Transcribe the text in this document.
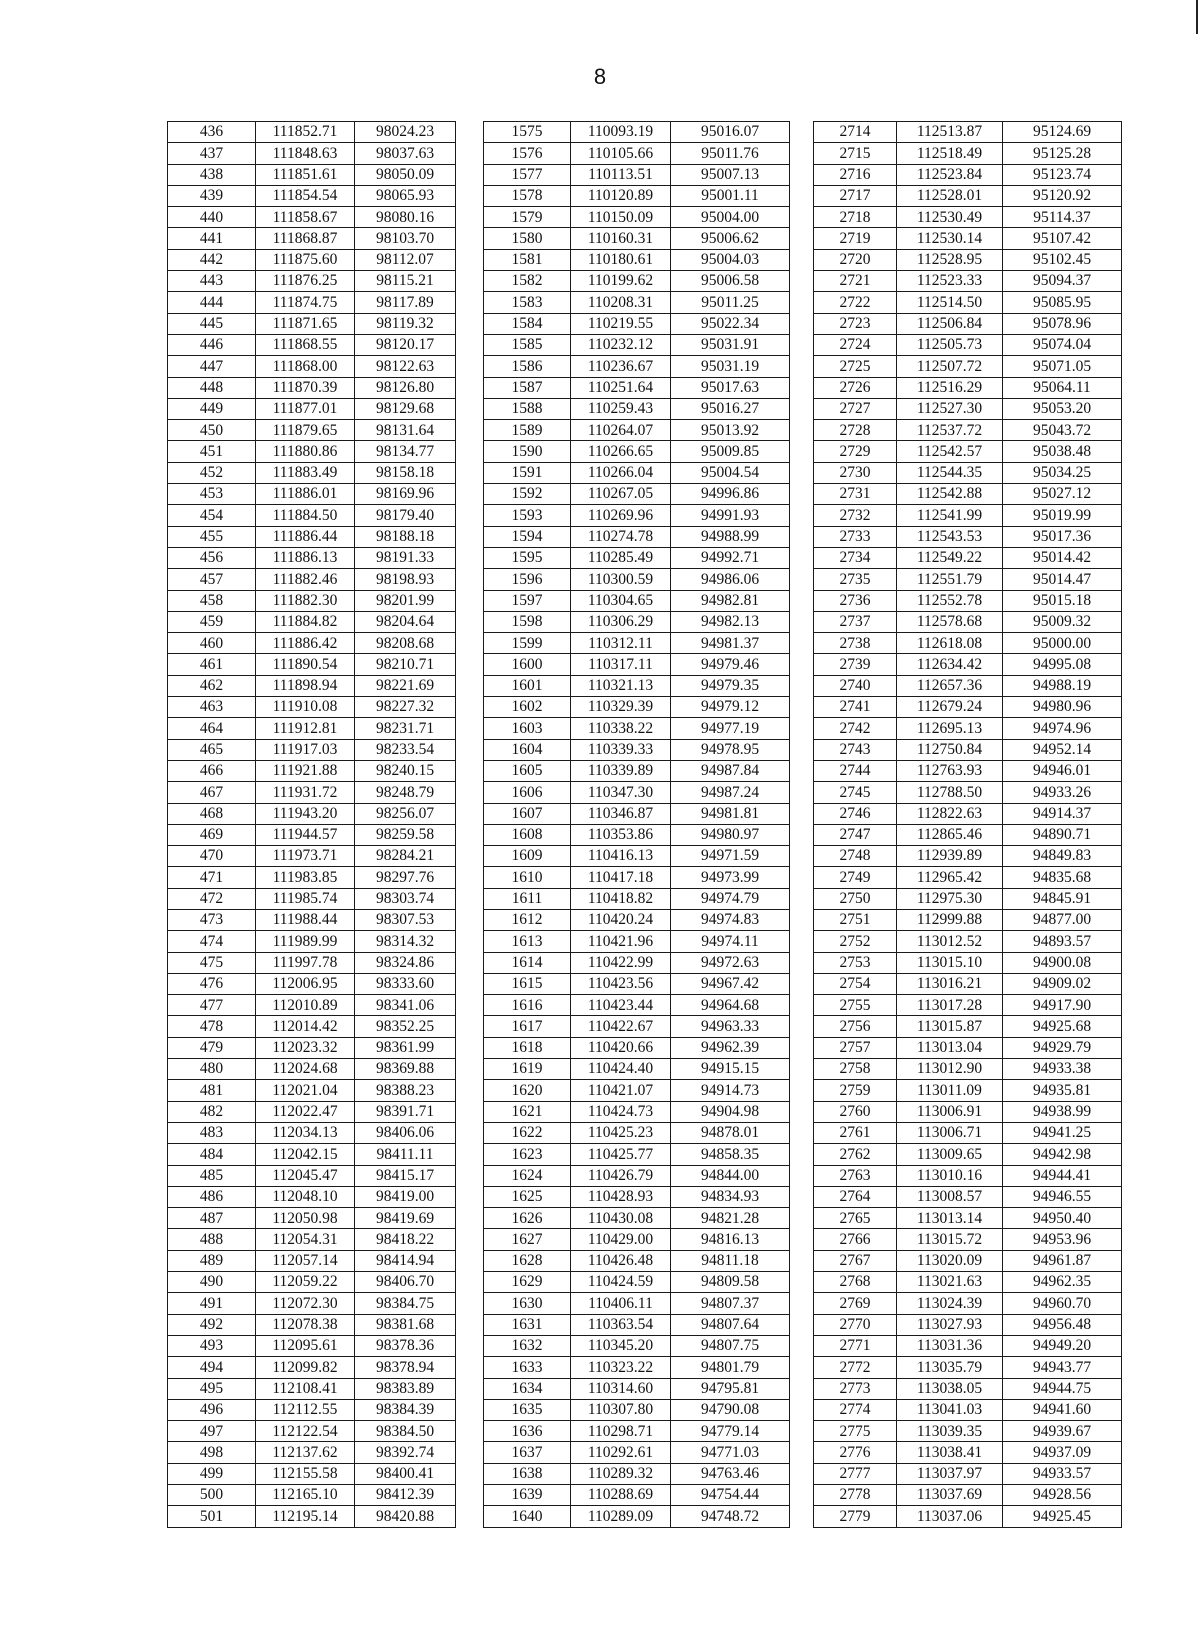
8
436	111852.71	98024.23
437	111848.63	98037.63
438	111851.61	98050.09
439	111854.54	98065.93
440	111858.67	98080.16
441	111868.87	98103.70
442	111875.60	98112.07
443	111876.25	98115.21
444	111874.75	98117.89
445	111871.65	98119.32
446	111868.55	98120.17
447	111868.00	98122.63
448	111870.39	98126.80
449	111877.01	98129.68
450	111879.65	98131.64
451	111880.86	98134.77
452	111883.49	98158.18
453	111886.01	98169.96
454	111884.50	98179.40
455	111886.44	98188.18
456	111886.13	98191.33
457	111882.46	98198.93
458	111882.30	98201.99
459	111884.82	98204.64
460	111886.42	98208.68
461	111890.54	98210.71
462	111898.94	98221.69
463	111910.08	98227.32
464	111912.81	98231.71
465	111917.03	98233.54
466	111921.88	98240.15
467	111931.72	98248.79
468	111943.20	98256.07
469	111944.57	98259.58
470	111973.71	98284.21
471	111983.85	98297.76
472	111985.74	98303.74
473	111988.44	98307.53
474	111989.99	98314.32
475	111997.78	98324.86
476	112006.95	98333.60
477	112010.89	98341.06
478	112014.42	98352.25
479	112023.32	98361.99
480	112024.68	98369.88
481	112021.04	98388.23
482	112022.47	98391.71
483	112034.13	98406.06
484	112042.15	98411.11
485	112045.47	98415.17
486	112048.10	98419.00
487	112050.98	98419.69
488	112054.31	98418.22
489	112057.14	98414.94
490	112059.22	98406.70
491	112072.30	98384.75
492	112078.38	98381.68
493	112095.61	98378.36
494	112099.82	98378.94
495	112108.41	98383.89
496	112112.55	98384.39
497	112122.54	98384.50
498	112137.62	98392.74
499	112155.58	98400.41
500	112165.10	98412.39
501	112195.14	98420.88
1575	110093.19	95016.07
1576	110105.66	95011.76
1577	110113.51	95007.13
1578	110120.89	95001.11
1579	110150.09	95004.00
1580	110160.31	95006.62
1581	110180.61	95004.03
1582	110199.62	95006.58
1583	110208.31	95011.25
1584	110219.55	95022.34
1585	110232.12	95031.91
1586	110236.67	95031.19
1587	110251.64	95017.63
1588	110259.43	95016.27
1589	110264.07	95013.92
1590	110266.65	95009.85
1591	110266.04	95004.54
1592	110267.05	94996.86
1593	110269.96	94991.93
1594	110274.78	94988.99
1595	110285.49	94992.71
1596	110300.59	94986.06
1597	110304.65	94982.81
1598	110306.29	94982.13
1599	110312.11	94981.37
1600	110317.11	94979.46
1601	110321.13	94979.35
1602	110329.39	94979.12
1603	110338.22	94977.19
1604	110339.33	94978.95
1605	110339.89	94987.84
1606	110347.30	94987.24
1607	110346.87	94981.81
1608	110353.86	94980.97
1609	110416.13	94971.59
1610	110417.18	94973.99
1611	110418.82	94974.79
1612	110420.24	94974.83
1613	110421.96	94974.11
1614	110422.99	94972.63
1615	110423.56	94967.42
1616	110423.44	94964.68
1617	110422.67	94963.33
1618	110420.66	94962.39
1619	110424.40	94915.15
1620	110421.07	94914.73
1621	110424.73	94904.98
1622	110425.23	94878.01
1623	110425.77	94858.35
1624	110426.79	94844.00
1625	110428.93	94834.93
1626	110430.08	94821.28
1627	110429.00	94816.13
1628	110426.48	94811.18
1629	110424.59	94809.58
1630	110406.11	94807.37
1631	110363.54	94807.64
1632	110345.20	94807.75
1633	110323.22	94801.79
1634	110314.60	94795.81
1635	110307.80	94790.08
1636	110298.71	94779.14
1637	110292.61	94771.03
1638	110289.32	94763.46
1639	110288.69	94754.44
1640	110289.09	94748.72
2714	112513.87	95124.69
2715	112518.49	95125.28
2716	112523.84	95123.74
2717	112528.01	95120.92
2718	112530.49	95114.37
2719	112530.14	95107.42
2720	112528.95	95102.45
2721	112523.33	95094.37
2722	112514.50	95085.95
2723	112506.84	95078.96
2724	112505.73	95074.04
2725	112507.72	95071.05
2726	112516.29	95064.11
2727	112527.30	95053.20
2728	112537.72	95043.72
2729	112542.57	95038.48
2730	112544.35	95034.25
2731	112542.88	95027.12
2732	112541.99	95019.99
2733	112543.53	95017.36
2734	112549.22	95014.42
2735	112551.79	95014.47
2736	112552.78	95015.18
2737	112578.68	95009.32
2738	112618.08	95000.00
2739	112634.42	94995.08
2740	112657.36	94988.19
2741	112679.24	94980.96
2742	112695.13	94974.96
2743	112750.84	94952.14
2744	112763.93	94946.01
2745	112788.50	94933.26
2746	112822.63	94914.37
2747	112865.46	94890.71
2748	112939.89	94849.83
2749	112965.42	94835.68
2750	112975.30	94845.91
2751	112999.88	94877.00
2752	113012.52	94893.57
2753	113015.10	94900.08
2754	113016.21	94909.02
2755	113017.28	94917.90
2756	113015.87	94925.68
2757	113013.04	94929.79
2758	113012.90	94933.38
2759	113011.09	94935.81
2760	113006.91	94938.99
2761	113006.71	94941.25
2762	113009.65	94942.98
2763	113010.16	94944.41
2764	113008.57	94946.55
2765	113013.14	94950.40
2766	113015.72	94953.96
2767	113020.09	94961.87
2768	113021.63	94962.35
2769	113024.39	94960.70
2770	113027.93	94956.48
2771	113031.36	94949.20
2772	113035.79	94943.77
2773	113038.05	94944.75
2774	113041.03	94941.60
2775	113039.35	94939.67
2776	113038.41	94937.09
2777	113037.97	94933.57
2778	113037.69	94928.56
2779	113037.06	94925.45
